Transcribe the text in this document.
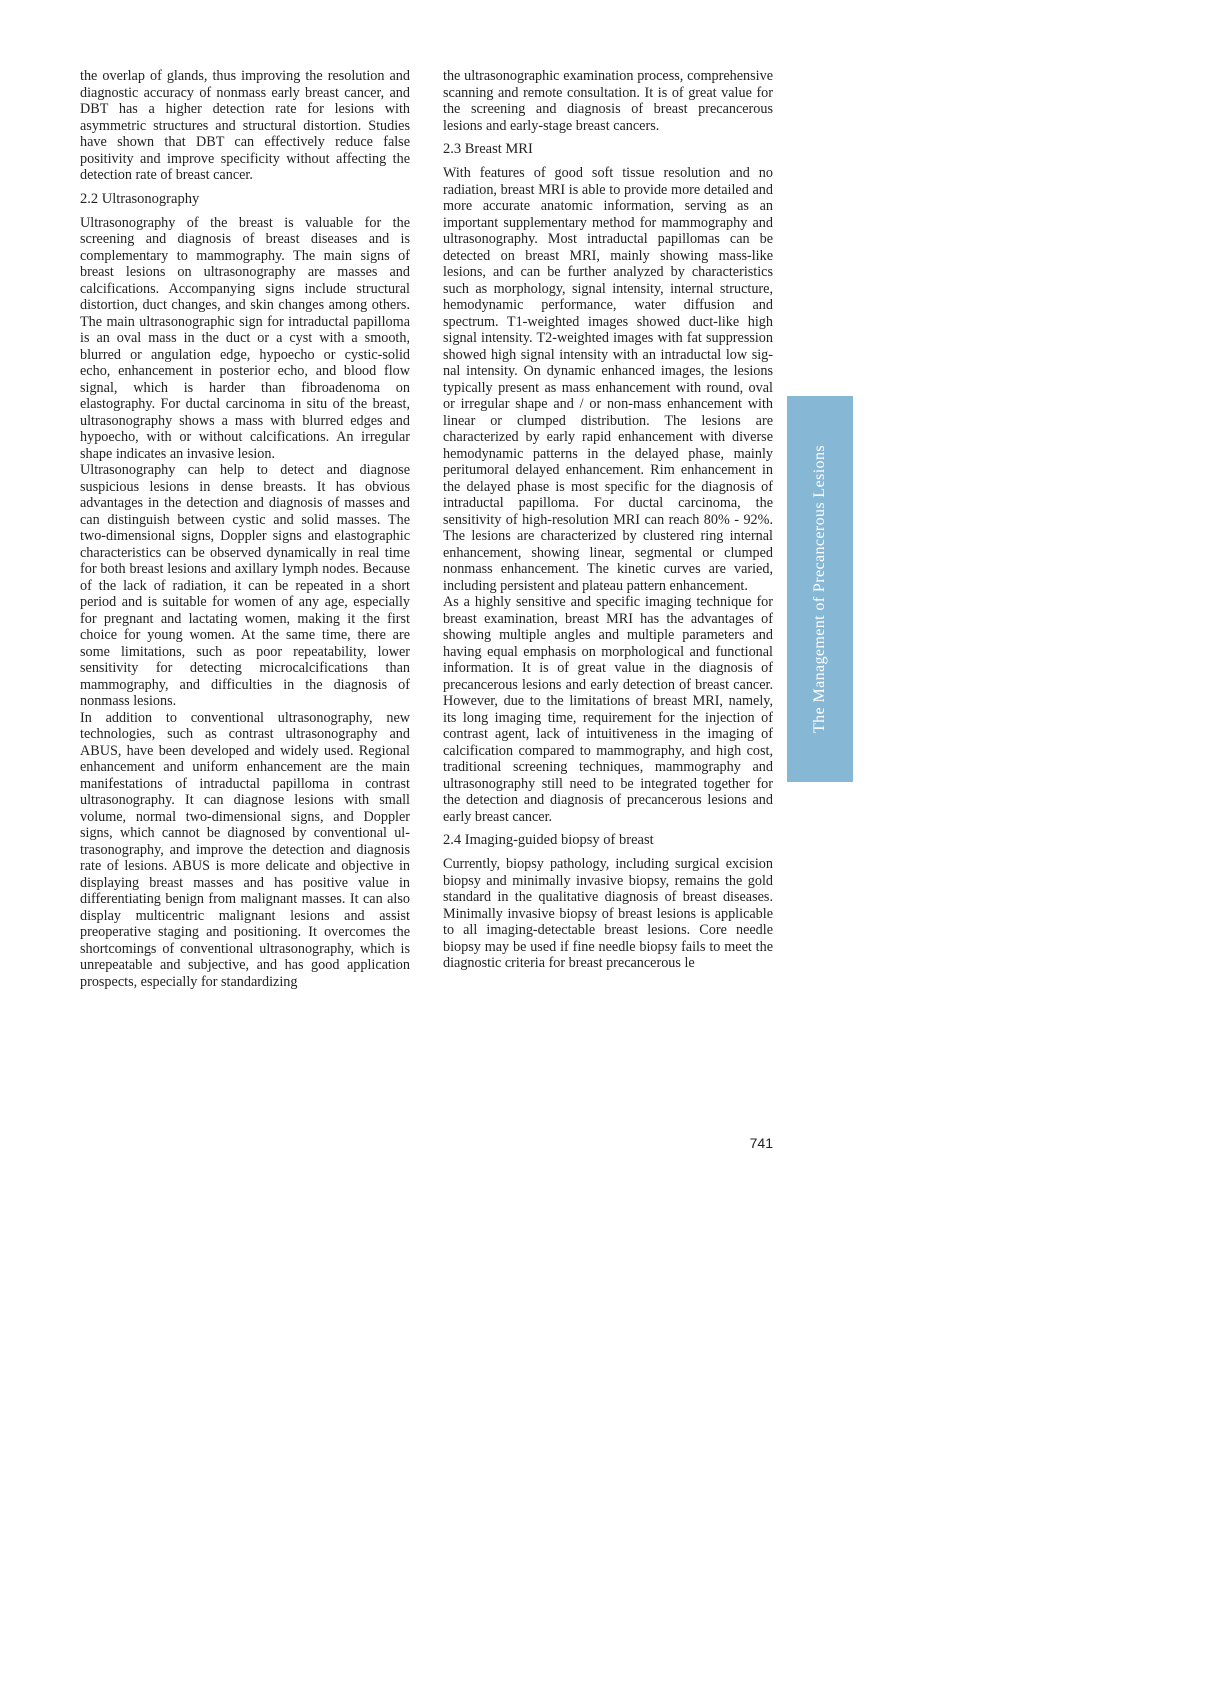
the overlap of glands, thus improving the resolution and diagnostic accuracy of nonmass early breast cancer, and DBT has a higher detection rate for lesions with asymmetric structures and structural distortion. Studies have shown that DBT can effectively reduce false positivity and improve specificity without affecting the detection rate of breast cancer.

2.2 Ultrasonography

Ultrasonography of the breast is valuable for the screening and diagnosis of breast diseases and is complementary to mammography. The main signs of breast lesions on ultrasonography are masses and calcifications. Accompanying signs include structural distortion, duct changes, and skin changes among others. The main ultrasonographic sign for intraductal papilloma is an oval mass in the duct or a cyst with a smooth, blurred or angulation edge, hypoecho or cystic-solid echo, enhancement in posterior echo, and blood flow signal, which is harder than fibroadenoma on elastography. For ductal carcinoma in situ of the breast, ultrasonography shows a mass with blurred edges and hypoecho, with or without calcifications. An irregular shape indicates an invasive lesion.

Ultrasonography can help to detect and diagnose suspicious lesions in dense breasts. It has obvious advantages in the detection and diagnosis of masses and can distinguish between cystic and solid masses. The two-dimensional signs, Doppler signs and elastographic characteristics can be observed dynamically in real time for both breast lesions and axillary lymph nodes. Because of the lack of radiation, it can be repeated in a short period and is suitable for women of any age, especially for pregnant and lactating women, making it the first choice for young women. At the same time, there are some limitations, such as poor repeatability, lower sensitivity for detecting microcalcifications than mammography, and difficulties in the diagnosis of nonmass lesions.

In addition to conventional ultrasonography, new technologies, such as contrast ultrasonography and ABUS, have been developed and widely used. Regional enhancement and uniform enhancement are the main manifestations of intraductal papilloma in contrast ultrasonography. It can diagnose lesions with small volume, normal two-dimensional signs, and Doppler signs, which cannot be diagnosed by conventional ultrasonography, and improve the detection and diagnosis rate of lesions. ABUS is more delicate and objective in displaying breast masses and has positive value in differentiating benign from malignant masses. It can also display multicentric malignant lesions and assist preoperative staging and positioning. It overcomes the shortcomings of conventional ultrasonography, which is unrepeatable and subjective, and has good application prospects, especially for standardizing

the ultrasonographic examination process, comprehensive scanning and remote consultation. It is of great value for the screening and diagnosis of breast precancerous lesions and early-stage breast cancers.

2.3 Breast MRI

With features of good soft tissue resolution and no radiation, breast MRI is able to provide more detailed and more accurate anatomic information, serving as an important supplementary method for mammography and ultrasonography. Most intraductal papillomas can be detected on breast MRI, mainly showing mass-like lesions, and can be further analyzed by characteristics such as morphology, signal intensity, internal structure, hemodynamic performance, water diffusion and spectrum. T1-weighted images showed duct-like high signal intensity. T2-weighted images with fat suppression showed high signal intensity with an intraductal low signal intensity. On dynamic enhanced images, the lesions typically present as mass enhancement with round, oval or irregular shape and / or non-mass enhancement with linear or clumped distribution. The lesions are characterized by early rapid enhancement with diverse hemodynamic patterns in the delayed phase, mainly peritumoral delayed enhancement. Rim enhancement in the delayed phase is most specific for the diagnosis of intraductal papilloma. For ductal carcinoma, the sensitivity of high-resolution MRI can reach 80% - 92%. The lesions are characterized by clustered ring internal enhancement, showing linear, segmental or clumped nonmass enhancement. The kinetic curves are varied, including persistent and plateau pattern enhancement.

As a highly sensitive and specific imaging technique for breast examination, breast MRI has the advantages of showing multiple angles and multiple parameters and having equal emphasis on morphological and functional information. It is of great value in the diagnosis of precancerous lesions and early detection of breast cancer. However, due to the limitations of breast MRI, namely, its long imaging time, requirement for the injection of contrast agent, lack of intuitiveness in the imaging of calcification compared to mammography, and high cost, traditional screening techniques, mammography and ultrasonography still need to be integrated together for the detection and diagnosis of precancerous lesions and early breast cancer.

2.4 Imaging-guided biopsy of breast

Currently, biopsy pathology, including surgical excision biopsy and minimally invasive biopsy, remains the gold standard in the qualitative diagnosis of breast diseases. Minimally invasive biopsy of breast lesions is applicable to all imaging-detectable breast lesions. Core needle biopsy may be used if fine needle biopsy fails to meet the diagnostic criteria for breast precancerous le

The Management of Precancerous Lesions
741
